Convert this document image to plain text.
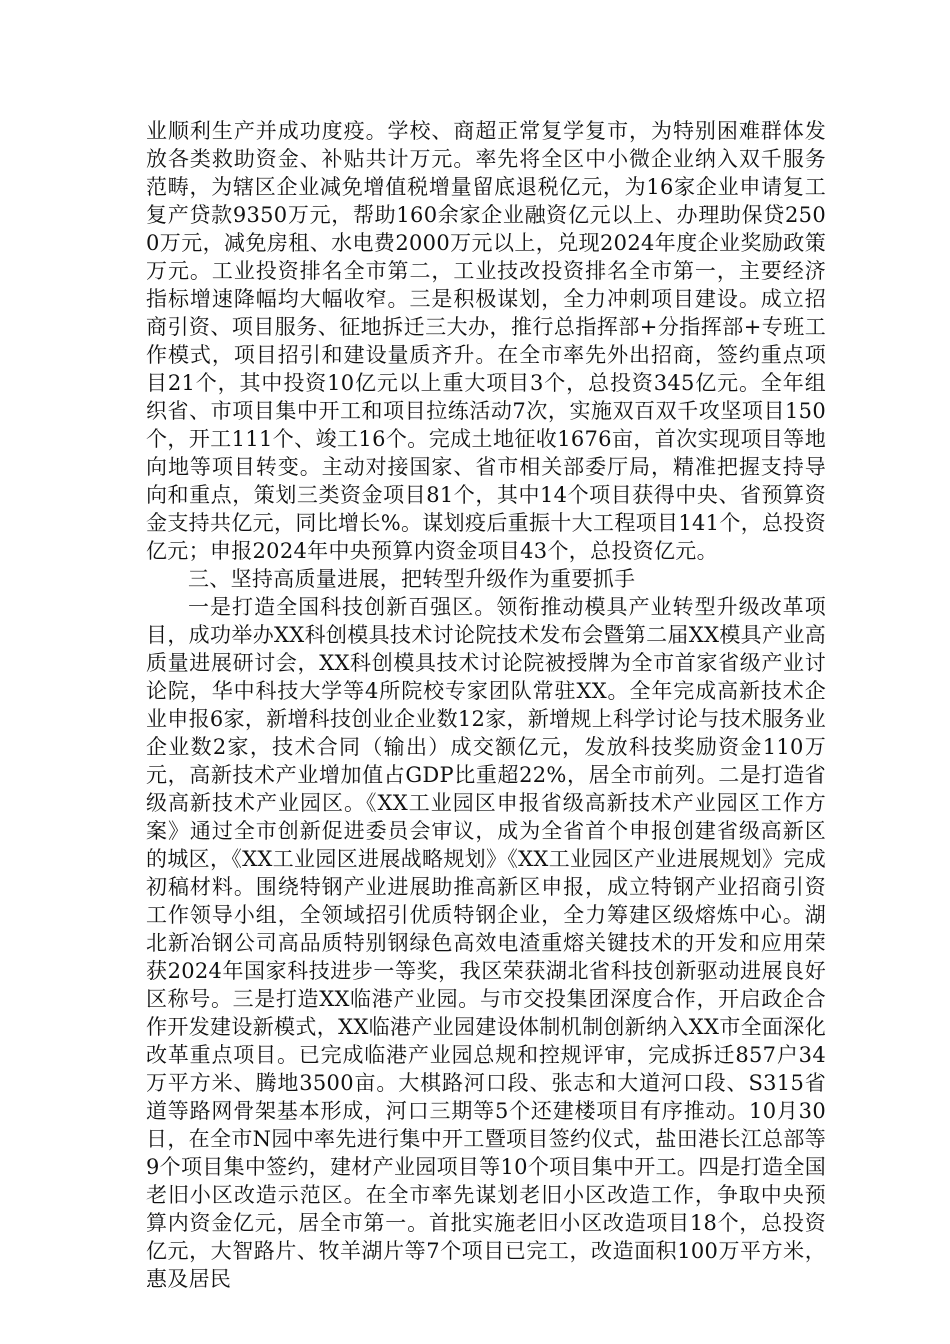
业顺利生产并成功度疫。学校、商超正常复学复市，为特别困难群体发放各类救助资金、补贴共计万元。率先将全区中小微企业纳入双千服务范畴，为辖区企业减免增值税增量留底退税亿元，为16家企业申请复工复产贷款9350万元，帮助160余家企业融资亿元以上、办理助保贷2500万元，减免房租、水电费2000万元以上，兑现2024年度企业奖励政策万元。工业投资排名全市第二，工业技改投资排名全市第一，主要经济指标增速降幅均大幅收窄。三是积极谋划，全力冲刺项目建设。成立招商引资、项目服务、征地拆迁三大办，推行总指挥部+分指挥部+专班工作模式，项目招引和建设量质齐升。在全市率先外出招商，签约重点项目21个，其中投资10亿元以上重大项目3个，总投资345亿元。全年组织省、市项目集中开工和项目拉练活动7次，实施双百双千攻坚项目150个，开工111个、竣工16个。完成土地征收1676亩，首次实现项目等地向地等项目转变。主动对接国家、省市相关部委厅局，精准把握支持导向和重点，策划三类资金项目81个，其中14个项目获得中央、省预算资金支持共亿元，同比增长%。谋划疫后重振十大工程项目141个，总投资亿元；申报2024年中央预算内资金项目43个，总投资亿元。

三、坚持高质量进展，把转型升级作为重要抓手

一是打造全国科技创新百强区。领衔推动模具产业转型升级改革项目，成功举办XX科创模具技术讨论院技术发布会暨第二届XX模具产业高质量进展研讨会，XX科创模具技术讨论院被授牌为全市首家省级产业讨论院，华中科技大学等4所院校专家团队常驻XX。全年完成高新技术企业申报6家，新增科技创业企业数12家，新增规上科学讨论与技术服务业企业数2家，技术合同（输出）成交额亿元，发放科技奖励资金110万元，高新技术产业增加值占GDP比重超22%，居全市前列。二是打造省级高新技术产业园区。《XX工业园区申报省级高新技术产业园区工作方案》通过全市创新促进委员会审议，成为全省首个申报创建省级高新区的城区，《XX工业园区进展战略规划》《XX工业园区产业进展规划》完成初稿材料。围绕特钢产业进展助推高新区申报，成立特钢产业招商引资工作领导小组，全领域招引优质特钢企业，全力筹建区级熔炼中心。湖北新冶钢公司高品质特别钢绿色高效电渣重熔关键技术的开发和应用荣获2024年国家科技进步一等奖，我区荣获湖北省科技创新驱动进展良好区称号。三是打造XX临港产业园。与市交投集团深度合作，开启政企合作开发建设新模式，XX临港产业园建设体制机制创新纳入XX市全面深化改革重点项目。已完成临港产业园总规和控规评审，完成拆迁857户34万平方米、腾地3500亩。大棋路河口段、张志和大道河口段、S315省道等路网骨架基本形成，河口三期等5个还建楼项目有序推动。10月30日，在全市N园中率先进行集中开工暨项目签约仪式，盐田港长江总部等9个项目集中签约，建材产业园项目等10个项目集中开工。四是打造全国老旧小区改造示范区。在全市率先谋划老旧小区改造工作，争取中央预算内资金亿元，居全市第一。首批实施老旧小区改造项目18个，总投资亿元，大智路片、牧羊湖片等7个项目已完工，改造面积100万平方米，惠及居民
